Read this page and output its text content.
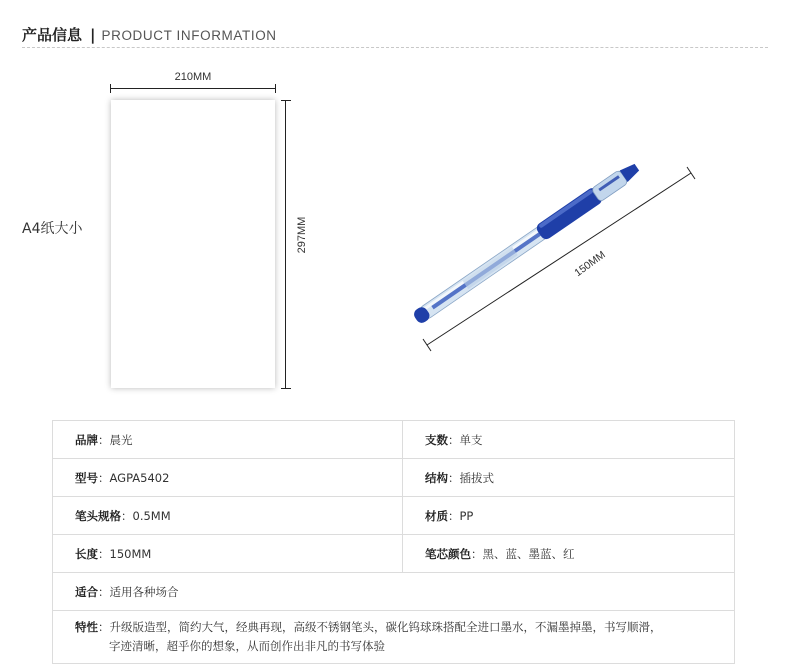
产品信息 | PRODUCT INFORMATION
210MM
297MM
A4纸大小
150MM
品牌：晨光	支数：单支
型号：AGPA5402	结构：插拔式
笔头规格：0.5MM	材质：PP
长度：150MM	笔芯颜色：黑、蓝、墨蓝、红
适合：适用各种场合	

特性：升级版造型，简约大气，经典再现，高级不锈钢笔头，碳化钨球珠搭配全进口墨水，不漏墨掉墨，书写顺滑，
字迹清晰，超乎你的想象，从而创作出非凡的书写体验	
